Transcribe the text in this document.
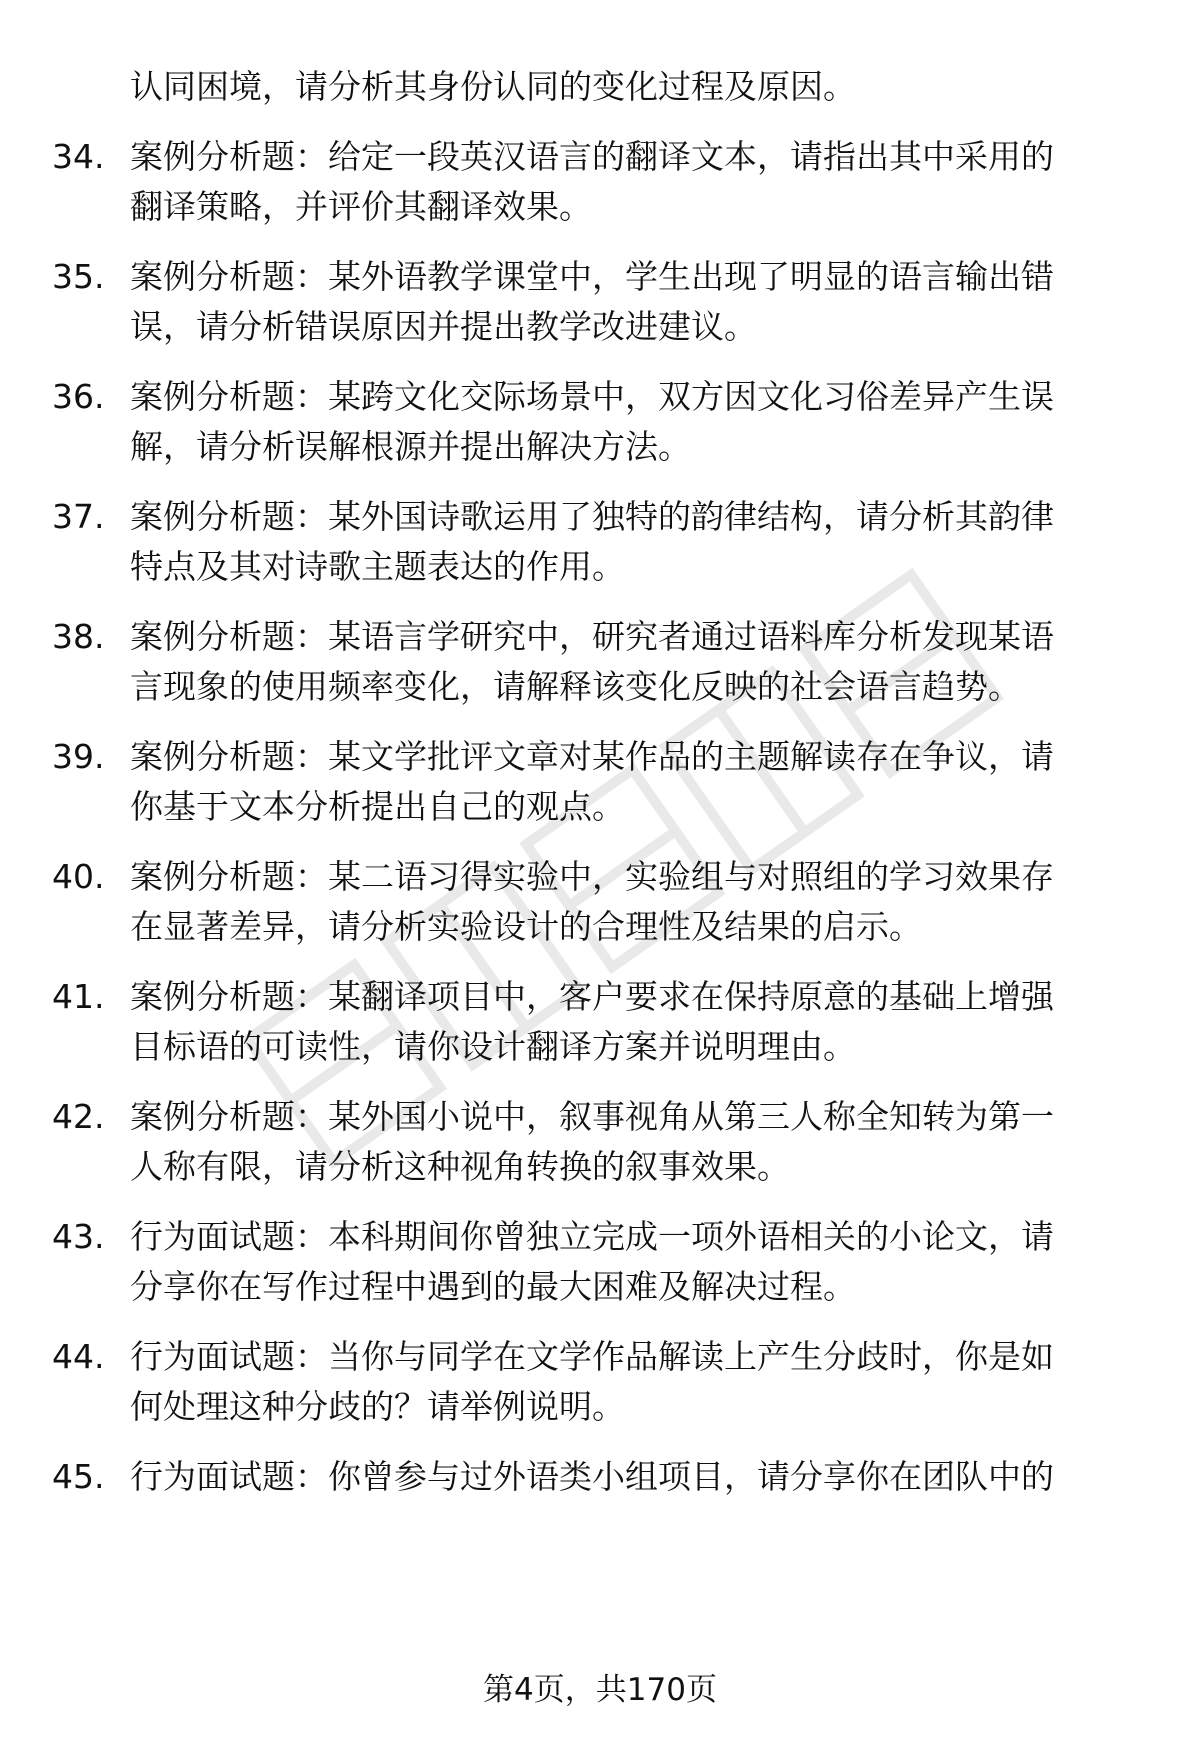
认同困境，请分析其身份认同的变化过程及原因。
34. 案例分析题：给定一段英汉语言的翻译文本，请指出其中采用的
翻译策略，并评价其翻译效果。
35. 案例分析题：某外语教学课堂中，学生出现了明显的语言输出错
误，请分析错误原因并提出教学改进建议。
36. 案例分析题：某跨文化交际场景中，双方因文化习俗差异产生误
解，请分析误解根源并提出解决方法。
37. 案例分析题：某外国诗歌运用了独特的韵律结构，请分析其韵律
特点及其对诗歌主题表达的作用。
38. 案例分析题：某语言学研究中，研究者通过语料库分析发现某语
言现象的使用频率变化，请解释该变化反映的社会语言趋势。
39. 案例分析题：某文学批评文章对某作品的主题解读存在争议，请
你基于文本分析提出自己的观点。
40. 案例分析题：某二语习得实验中，实验组与对照组的学习效果存
在显著差异，请分析实验设计的合理性及结果的启示。
41. 案例分析题：某翻译项目中，客户要求在保持原意的基础上增强
目标语的可读性，请你设计翻译方案并说明理由。
42. 案例分析题：某外国小说中，叙事视角从第三人称全知转为第一
人称有限，请分析这种视角转换的叙事效果。
43. 行为面试题：本科期间你曾独立完成一项外语相关的小论文，请
分享你在写作过程中遇到的最大困难及解决过程。
44. 行为面试题：当你与同学在文学作品解读上产生分歧时，你是如
何处理这种分歧的？请举例说明。
45. 行为面试题：你曾参与过外语类小组项目，请分享你在团队中的
第4页，共170页
